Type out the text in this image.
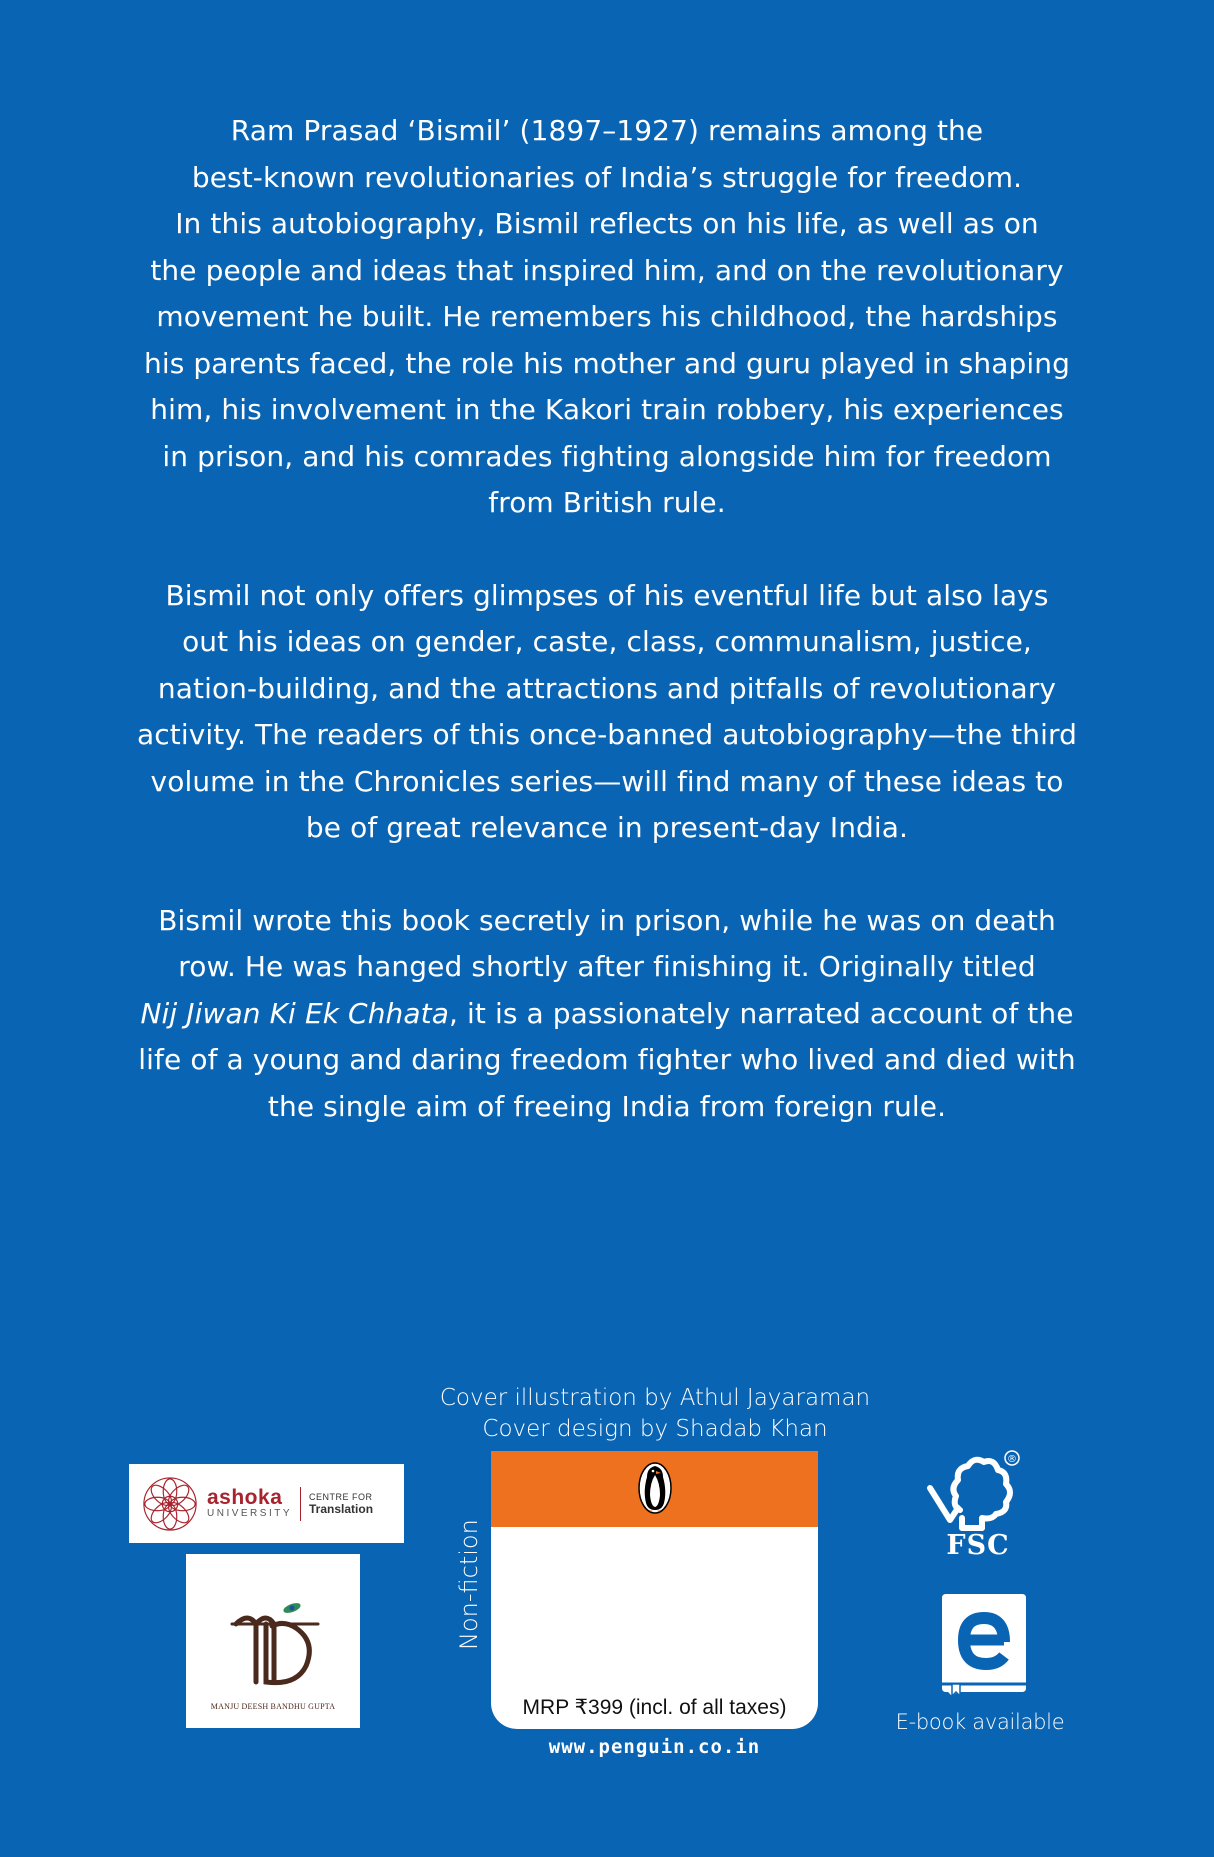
Ram Prasad ‘Bismil’ (1897–1927) remains among the
best-known revolutionaries of India’s struggle for freedom.
In this autobiography, Bismil reflects on his life, as well as on
the people and ideas that inspired him, and on the revolutionary
movement he built. He remembers his childhood, the hardships
his parents faced, the role his mother and guru played in shaping
him, his involvement in the Kakori train robbery, his experiences
in prison, and his comrades fighting alongside him for freedom
from British rule.

Bismil not only offers glimpses of his eventful life but also lays
out his ideas on gender, caste, class, communalism, justice,
nation-building, and the attractions and pitfalls of revolutionary
activity. The readers of this once-banned autobiography—the third
volume in the Chronicles series—will find many of these ideas to
be of great relevance in present-day India.

Bismil wrote this book secretly in prison, while he was on death
row. He was hanged shortly after finishing it. Originally titled
Nij Jiwan Ki Ek Chhata, it is a passionately narrated account of the
life of a young and daring freedom fighter who lived and died with
the single aim of freeing India from foreign rule.

Cover illustration by Athul Jayaraman
Cover design by Shadab Khan
ashoka
UNIVERSITY
CENTRE FOR
Translation
MANJU DEESH BANDHU GUPTA
Non-fiction
MRP ₹399 (incl. of all taxes)
www.penguin.co.in
®
FSC
E-book available
